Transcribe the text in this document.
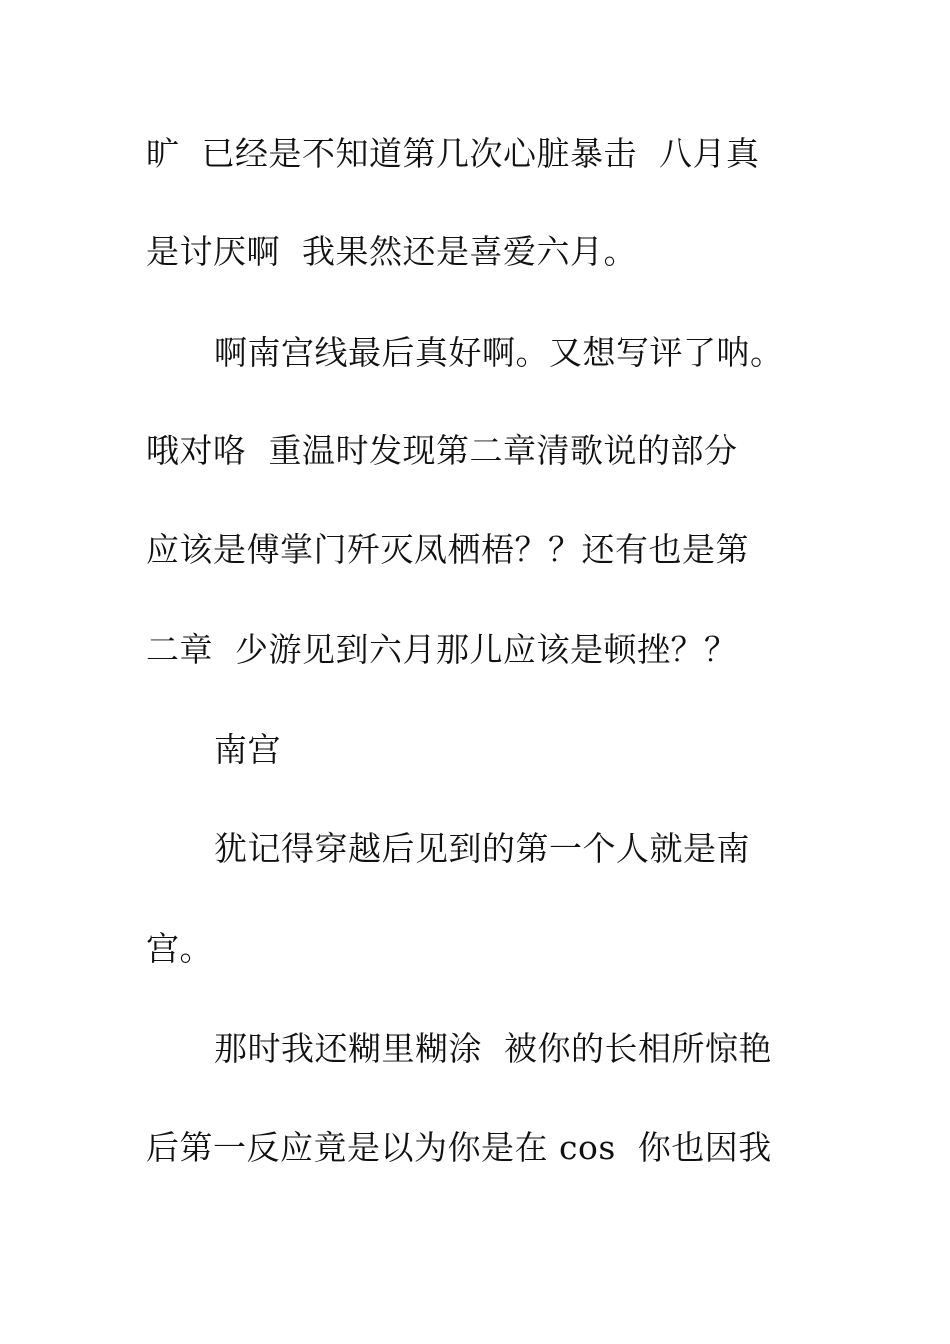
旷  已经是不知道第几次心脏暴击  八月真
是讨厌啊  我果然还是喜爱六月。
啊南宫线最后真好啊。又想写评了呐。
哦对咯  重温时发现第二章清歌说的部分
应该是傅掌门歼灭凤栖梧？？还有也是第
二章  少游见到六月那儿应该是顿挫？？
南宫
犹记得穿越后见到的第一个人就是南
宫。
那时我还糊里糊涂  被你的长相所惊艳
后第一反应竟是以为你是在 cos  你也因我
